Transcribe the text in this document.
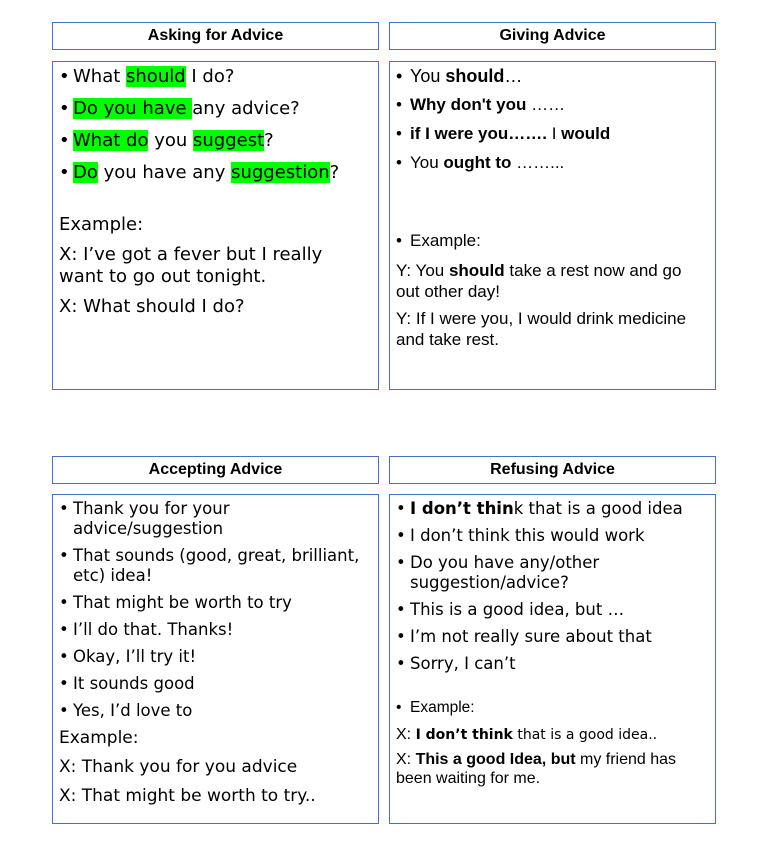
Asking for Advice
• What should I do?
• Do you have any advice?
• What do you suggest?
• Do you have any suggestion?

Example:

X: I’ve got a fever but I really want to go out tonight.

X: What should I do?

Giving Advice
• You should…
• Why don't you ……
• if I were you……. I would
• You ought to ……...
• Example:

Y: You should take a rest now and go out other day!

Y: If I were you, I would drink medicine and take rest.

Accepting Advice
• Thank you for your advice/suggestion
• That sounds (good, great, brilliant, etc) idea!
• That might be worth to try
• I’ll do that. Thanks!
• Okay, I’ll try it!
• It sounds good
• Yes, I’d love to

Example:

X: Thank you for you advice

X: That might be worth to try..

Refusing Advice
• I don’t think that is a good idea
• I don’t think this would work
• Do you have any/other suggestion/advice?
• This is a good idea, but …
• I’m not really sure about that
• Sorry, I can’t
• Example:

X: I don’t think that is a good idea..

X: This a good Idea, but my friend has been waiting for me.
